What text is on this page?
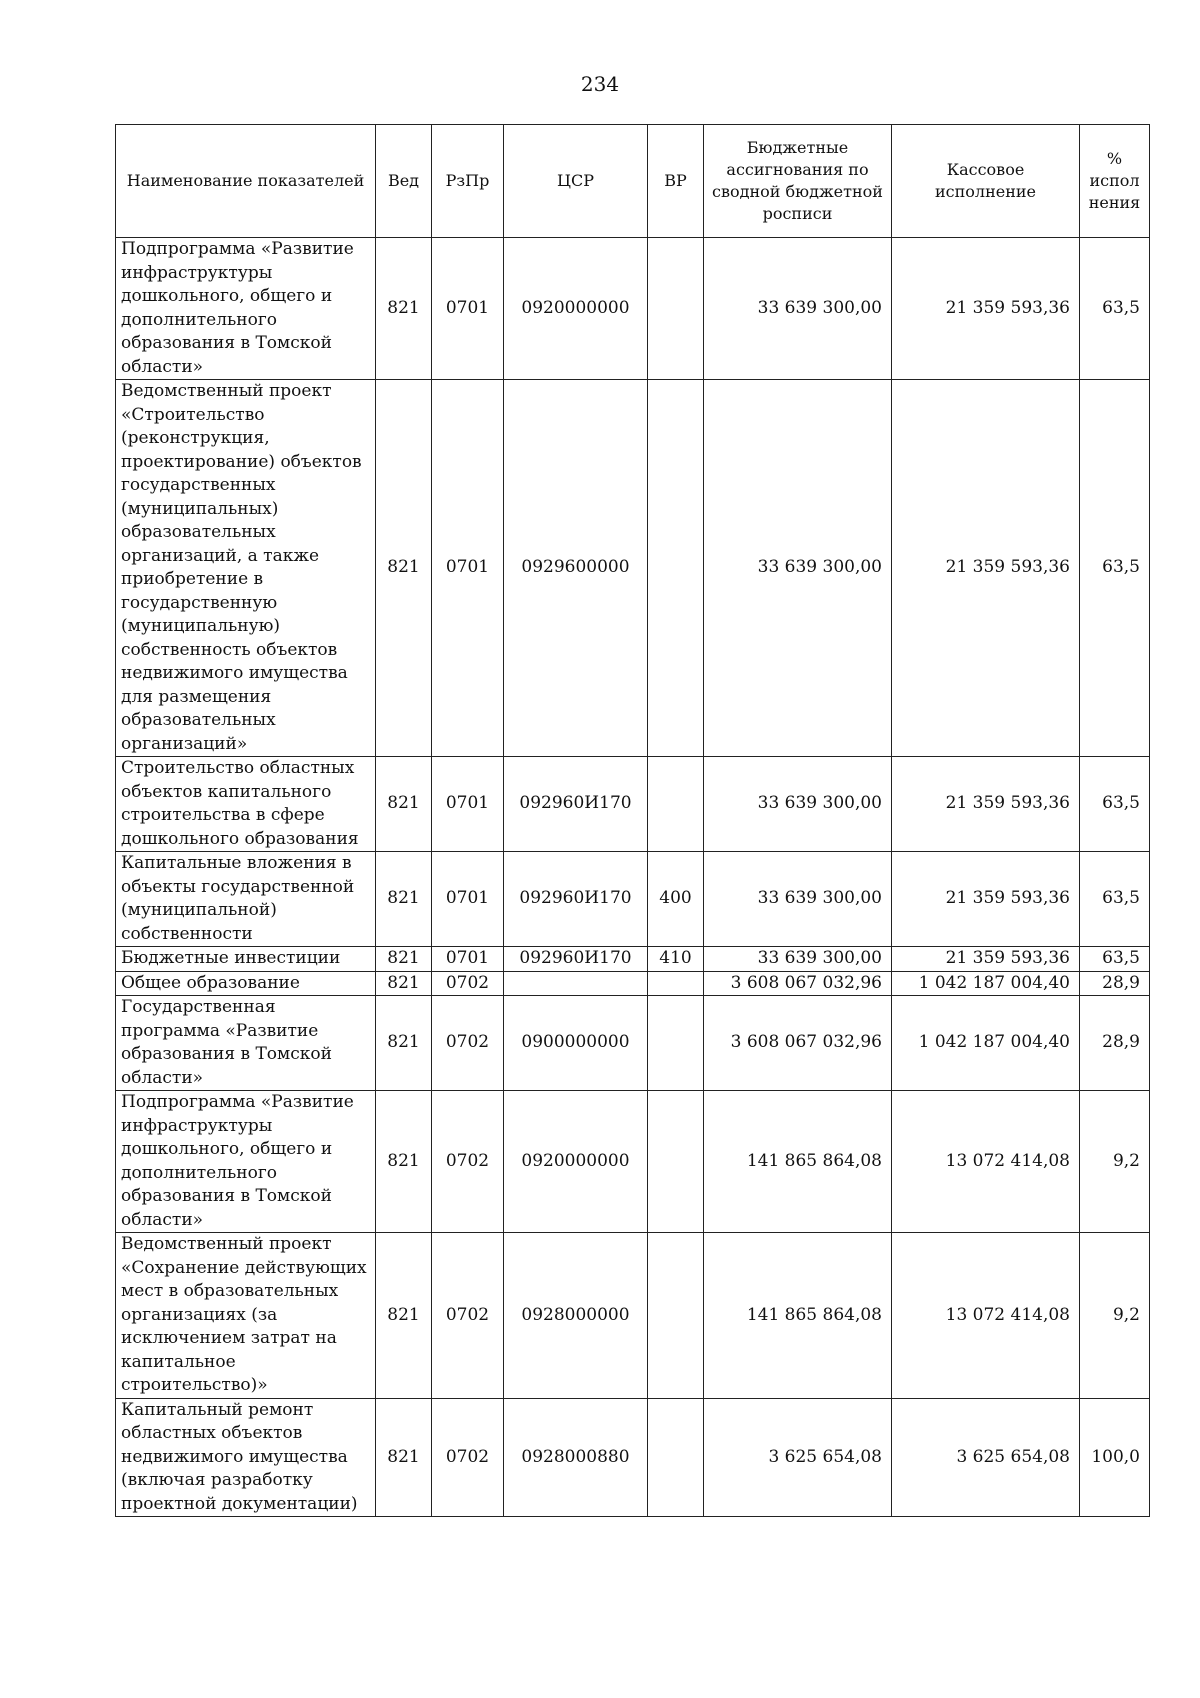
234
Наименование показателей	Вед	РзПр	ЦСР	ВР	Бюджетные ассигнования по сводной бюджетной росписи	Кассовое исполнение	% испол нения
Подпрограмма «Развитие инфраструктуры дошкольного, общего и дополнительного образования в Томской области»	821	0701	0920000000		33 639 300,00	21 359 593,36	63,5
Ведомственный проект «Строительство (реконструкция, проектирование) объектов государственных (муниципальных) образовательных организаций, а также приобретение в государственную (муниципальную) собственность объектов недвижимого имущества для размещения образовательных организаций»	821	0701	0929600000		33 639 300,00	21 359 593,36	63,5
Строительство областных объектов капитального строительства в сфере дошкольного образования	821	0701	092960И170		33 639 300,00	21 359 593,36	63,5
Капитальные вложения в объекты государственной (муниципальной) собственности	821	0701	092960И170	400	33 639 300,00	21 359 593,36	63,5
Бюджетные инвестиции	821	0701	092960И170	410	33 639 300,00	21 359 593,36	63,5
Общее образование	821	0702			3 608 067 032,96	1 042 187 004,40	28,9
Государственная программа «Развитие образования в Томской области»	821	0702	0900000000		3 608 067 032,96	1 042 187 004,40	28,9
Подпрограмма «Развитие инфраструктуры дошкольного, общего и дополнительного образования в Томской области»	821	0702	0920000000		141 865 864,08	13 072 414,08	9,2
Ведомственный проект «Сохранение действующих мест в образовательных организациях (за исключением затрат на капитальное строительство)»	821	0702	0928000000		141 865 864,08	13 072 414,08	9,2
Капитальный ремонт областных объектов недвижимого имущества (включая разработку проектной документации)	821	0702	0928000880		3 625 654,08	3 625 654,08	100,0
